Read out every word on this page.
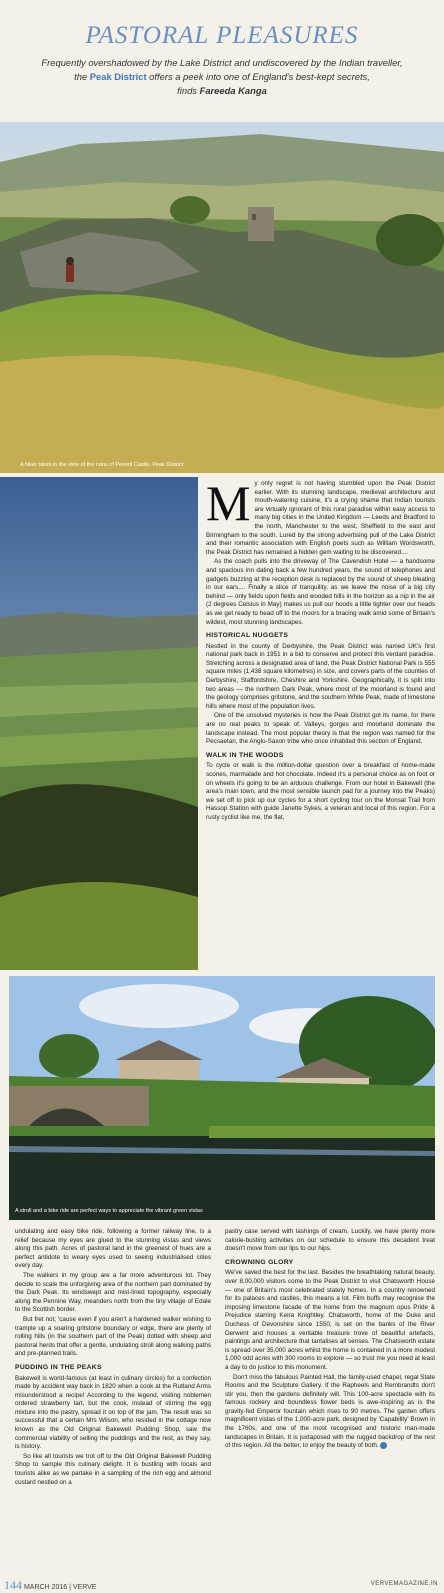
PASTORAL PLEASURES
Frequently overshadowed by the Lake District and undiscovered by the Indian traveller,
the Peak District offers a peek into one of England's best-kept secrets,
finds Fareeda Kanga
A hiker takes in the view of the ruins of Peveril Castle, Peak District
A stroll and a bike ride are perfect ways to appreciate the vibrant green vistas

My only regret is not having stumbled upon the Peak District earlier. With its stunning landscape, medieval architecture and mouth-watering cuisine, it's a crying shame that Indian tourists are virtually ignorant of this rural paradise within easy access to many big cities in the United Kingdom — Leeds and Bradford to the north, Manchester to the west, Sheffield to the east and Birmingham to the south. Lured by the strong advertising pull of the Lake District and their romantic association with English poets such as William Wordsworth, the Peak District has remained a hidden gem waiting to be discovered....

As the coach pulls into the driveway of The Cavendish Hotel — a handsome and spacious inn dating back a few hundred years, the sound of telephones and gadgets buzzing at the reception desk is replaced by the sound of sheep bleating in our ears.... Finally a slice of tranquility, as we leave the noise of a big city behind — only fields upon fields and wooded hills in the horizon as a nip in the air (2 degrees Celsius in May) makes us pull our hoods a little tighter over our heads as we get ready to head off to the moors for a bracing walk amid some of Britain's wildest, most stunning landscapes.

HISTORICAL NUGGETS

Nestled in the county of Derbyshire, the Peak District was named UK's first national park back in 1951 in a bid to conserve and protect this verdant paradise. Stretching across a designated area of land, the Peak District National Park is 555 square miles (1,438 square kilometres) in size, and covers parts of the counties of Derbyshire, Staffordshire, Cheshire and Yorkshire. Geographically, it is split into two areas — the northern Dark Peak, where most of the moorland is found and the geology comprises gritstone, and the southern White Peak, made of limestone hills where most of the population lives.

One of the unsolved mysteries is how the Peak District got its name, for there are no real peaks to speak of. Valleys, gorges and moorland dominate the landscape instead. The most popular theory is that the region was named for the Pecsaetan, the Anglo-Saxon tribe who once inhabited this section of England.

WALK IN THE WOODS

To cycle or walk is the million-dollar question over a breakfast of home-made scones, marmalade and hot chocolate. Indeed it's a personal choice as on foot or on wheels it's going to be an arduous challenge. From our hotel in Bakewell (the area's main town, and the most sensible launch pad for a journey into the Peaks) we set off to pick up our cycles for a short cycling tour on the Monsal Trail from Hassop Station with guide Janette Sykes, a veteran and local of this region. For a rusty cyclist like me, the flat,

undulating and easy bike ride, following a former railway line, is a relief because my eyes are glued to the stunning vistas and views along this path. Acres of pastoral land in the greenest of hues are a perfect antidote to weary eyes used to seeing industrialised cities every day.

The walkers in my group are a far more adventurous lot. They decide to scale the unforgiving area of the northern part dominated by the Dark Peak. Its windswept and mist-lined topography, especially along the Pennine Way, meanders north from the tiny village of Edale to the Scottish border.

But fret not; 'cause even if you aren't a hardened walker wishing to trample up a soaring gritstone boundary or edge, there are plenty of rolling hills (in the southern part of the Peak) dotted with sheep and pastoral herds that offer a gentle, undulating stroll along walking paths and pre-planned trails.

PUDDING IN THE PEAKS

Bakewell is world-famous (at least in culinary circles) for a confection made by accident way back in 1820 when a cook at the Rutland Arms misunderstood a recipe! According to the legend, visiting noblemen ordered strawberry tart, but the cook, instead of stirring the egg mixture into the pastry, spread it on top of the jam. The result was so successful that a certain Mrs Wilson, who resided in the cottage now known as the Old Original Bakewell Pudding Shop, saw the commercial viability of selling the puddings and the rest, as they say, is history.

So like all tourists we trot off to the Old Original Bakewell Pudding Shop to sample this culinary delight. It is bustling with locals and tourists alike as we partake in a sampling of the rich egg and almond custard nestled on a

pastry case served with lashings of cream. Luckily, we have plenty more calorie-busting activities on our schedule to ensure this decadent treat doesn't move from our lips to our hips.

CROWNING GLORY

We've saved the best for the last. Besides the breathtaking natural beauty, over 8,00,000 visitors come to the Peak District to visit Chatsworth House — one of Britain's most celebrated stately homes. In a country renowned for its palaces and castles, this means a lot. Film buffs may recognise the imposing limestone facade of the home from the magnum opus Pride & Prejudice starring Keira Knightley. Chatsworth, home of the Duke and Duchess of Devonshire since 1550, is set on the banks of the River Derwent and houses a veritable treasure trove of beautiful artefacts, paintings and architecture that tantalises all senses. The Chatsworth estate is spread over 35,000 acres whilst the home is contained in a more modest 1,000 odd acres with 300 rooms to explore — so trust me you need at least a day to do justice to this monument.

Don't miss the fabulous Painted Hall, the family-used chapel, regal State Rooms and the Sculpture Gallery. If the Rapheels and Rembrandts don't stir you, then the gardens definitely will. This 100-acre spectacle with its famous rockery and boundless flower beds is awe-inspiring as is the gravity-fed Emperor fountain which rises to 90 metres. The garden offers magnificent vistas of the 1,000-acre park, designed by 'Capability' Brown in the 1760s, and one of the most recognised and historic man-made landscapes in Britain. It is juxtaposed with the rugged backdrop of the rest of this region. All the better, to enjoy the beauty of both.

144 MARCH 2016 | VERVE	VERVEMAGAZINE.IN
